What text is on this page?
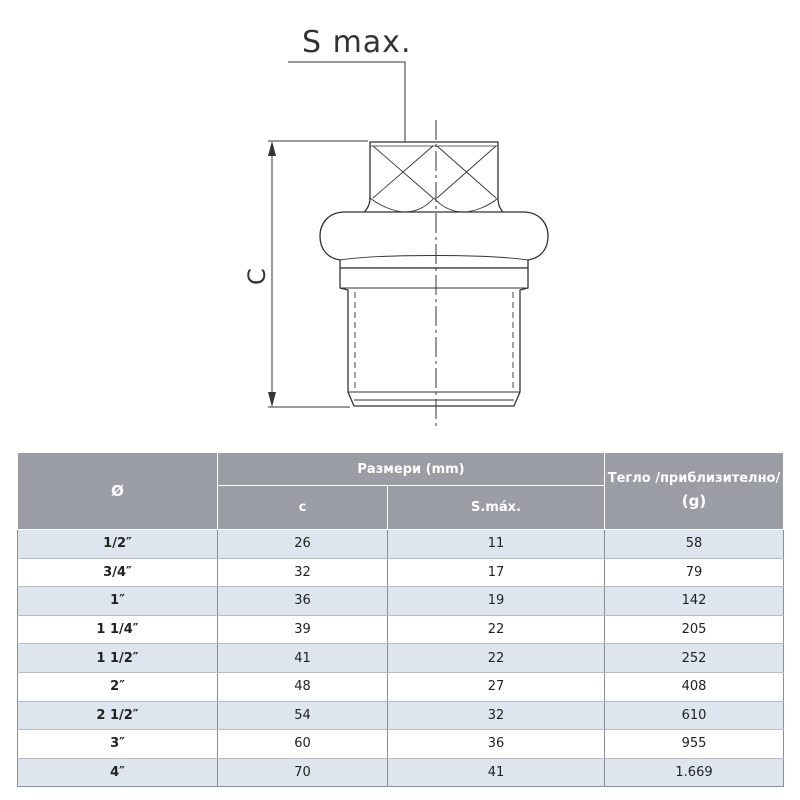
S max.
C
Ø	Размери (mm)		Тегло /приблизително/
(g)
	c	S.máx.	
1/2″	26	11	58
3/4″	32	17	79
1″	36	19	142
1 1/4″	39	22	205
1 1/2″	41	22	252
2″	48	27	408
2 1/2″	54	32	610
3″	60	36	955
4″	70	41	1.669
